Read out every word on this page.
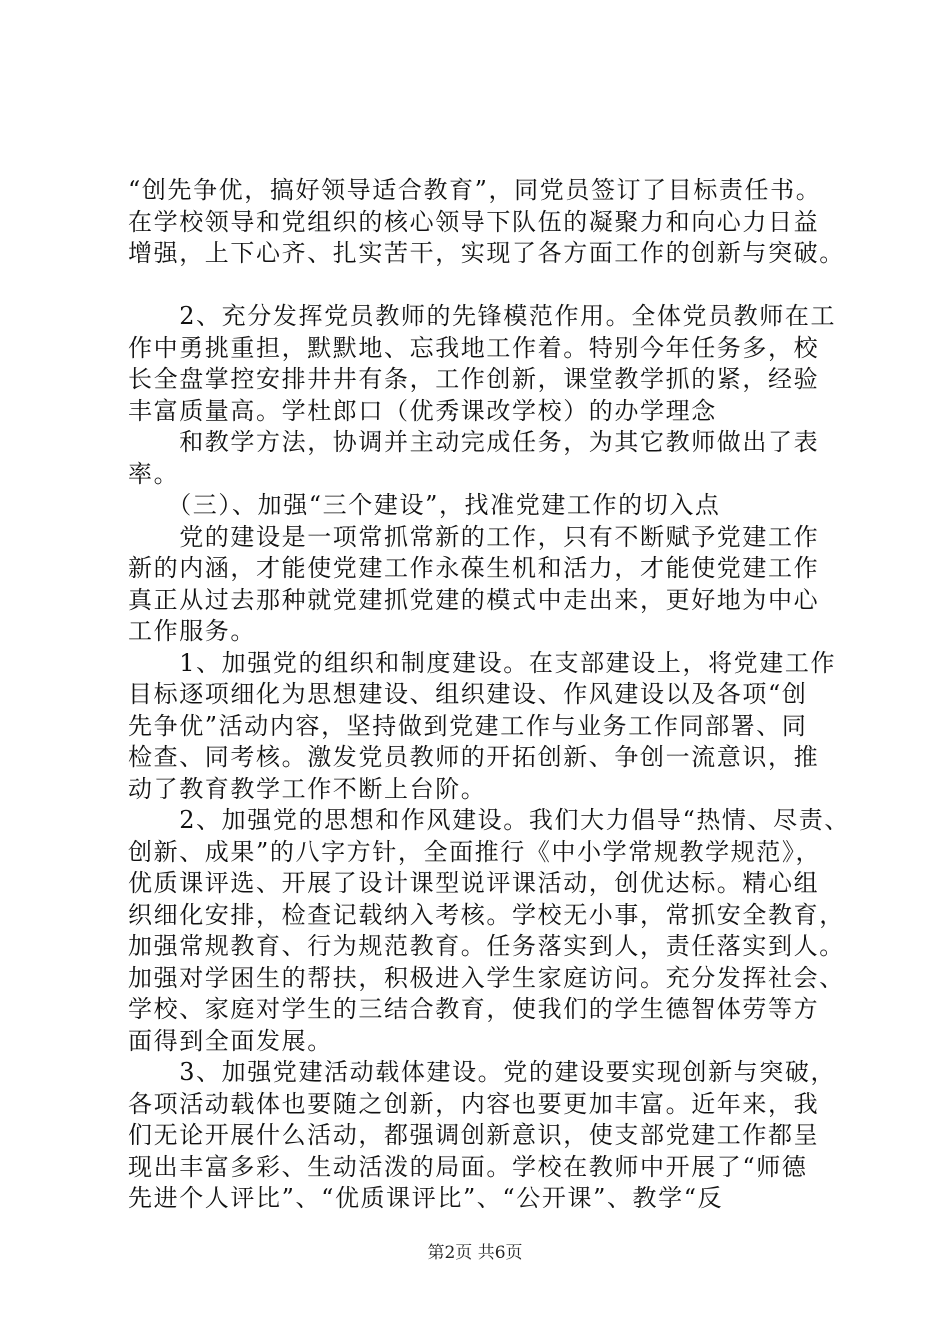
“创先争优，搞好领导适合教育”，同党员签订了目标责任书。
在学校领导和党组织的核心领导下队伍的凝聚力和向心力日益
增强，上下心齐、扎实苦干，实现了各方面工作的创新与突破。
　　2、充分发挥党员教师的先锋模范作用。全体党员教师在工
作中勇挑重担，默默地、忘我地工作着。特别今年任务多，校
长全盘掌控安排井井有条，工作创新，课堂教学抓的紧，经验
丰富质量高。学杜郎口（优秀课改学校）的办学理念
　　和教学方法，协调并主动完成任务，为其它教师做出了表
率。
　　（三）、加强“三个建设”，找准党建工作的切入点
　　党的建设是一项常抓常新的工作，只有不断赋予党建工作
新的内涵，才能使党建工作永葆生机和活力，才能使党建工作
真正从过去那种就党建抓党建的模式中走出来，更好地为中心
工作服务。
　　1、加强党的组织和制度建设。在支部建设上，将党建工作
目标逐项细化为思想建设、组织建设、作风建设以及各项“创
先争优”活动内容，坚持做到党建工作与业务工作同部署、同
检查、同考核。激发党员教师的开拓创新、争创一流意识，推
动了教育教学工作不断上台阶。
　　2、加强党的思想和作风建设。我们大力倡导“热情、尽责、
创新、成果”的八字方针，全面推行《中小学常规教学规范》，
优质课评选、开展了设计课型说评课活动，创优达标。精心组
织细化安排，检查记载纳入考核。学校无小事，常抓安全教育，
加强常规教育、行为规范教育。任务落实到人，责任落实到人。
加强对学困生的帮扶，积极进入学生家庭访问。充分发挥社会、
学校、家庭对学生的三结合教育，使我们的学生德智体劳等方
面得到全面发展。
　　3、加强党建活动载体建设。党的建设要实现创新与突破，
各项活动载体也要随之创新，内容也要更加丰富。近年来，我
们无论开展什么活动，都强调创新意识，使支部党建工作都呈
现出丰富多彩、生动活泼的局面。学校在教师中开展了“师德
先进个人评比”、“优质课评比”、“公开课”、教学“反
第2页 共6页
